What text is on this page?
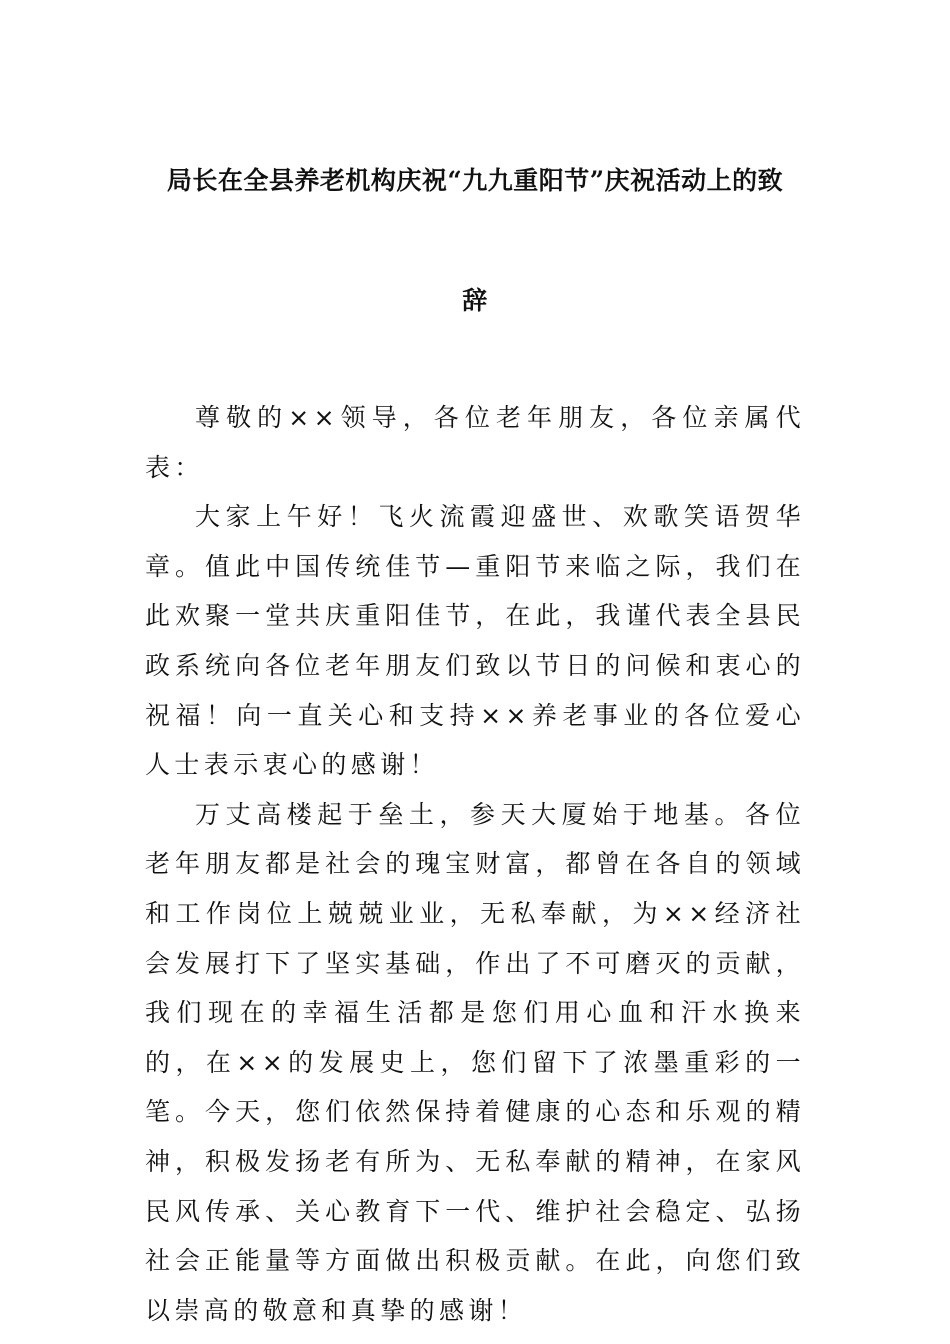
局长在全县养老机构庆祝“九九重阳节”庆祝活动上的致
辞

尊敬的××领导，各位老年朋友，各位亲属代表：

大家上午好！飞火流霞迎盛世、欢歌笑语贺华章。值此中国传统佳节—重阳节来临之际，我们在此欢聚一堂共庆重阳佳节，在此，我谨代表全县民政系统向各位老年朋友们致以节日的问候和衷心的祝福！向一直关心和支持××养老事业的各位爱心人士表示衷心的感谢！

万丈高楼起于垒土，参天大厦始于地基。各位老年朋友都是社会的瑰宝财富，都曾在各自的领域和工作岗位上兢兢业业，无私奉献，为××经济社会发展打下了坚实基础，作出了不可磨灭的贡献，我们现在的幸福生活都是您们用心血和汗水换来的，在××的发展史上，您们留下了浓墨重彩的一笔。今天，您们依然保持着健康的心态和乐观的精神，积极发扬老有所为、无私奉献的精神，在家风民风传承、关心教育下一代、维护社会稳定、弘扬社会正能量等方面做出积极贡献。在此，向您们致以崇高的敬意和真挚的感谢！
